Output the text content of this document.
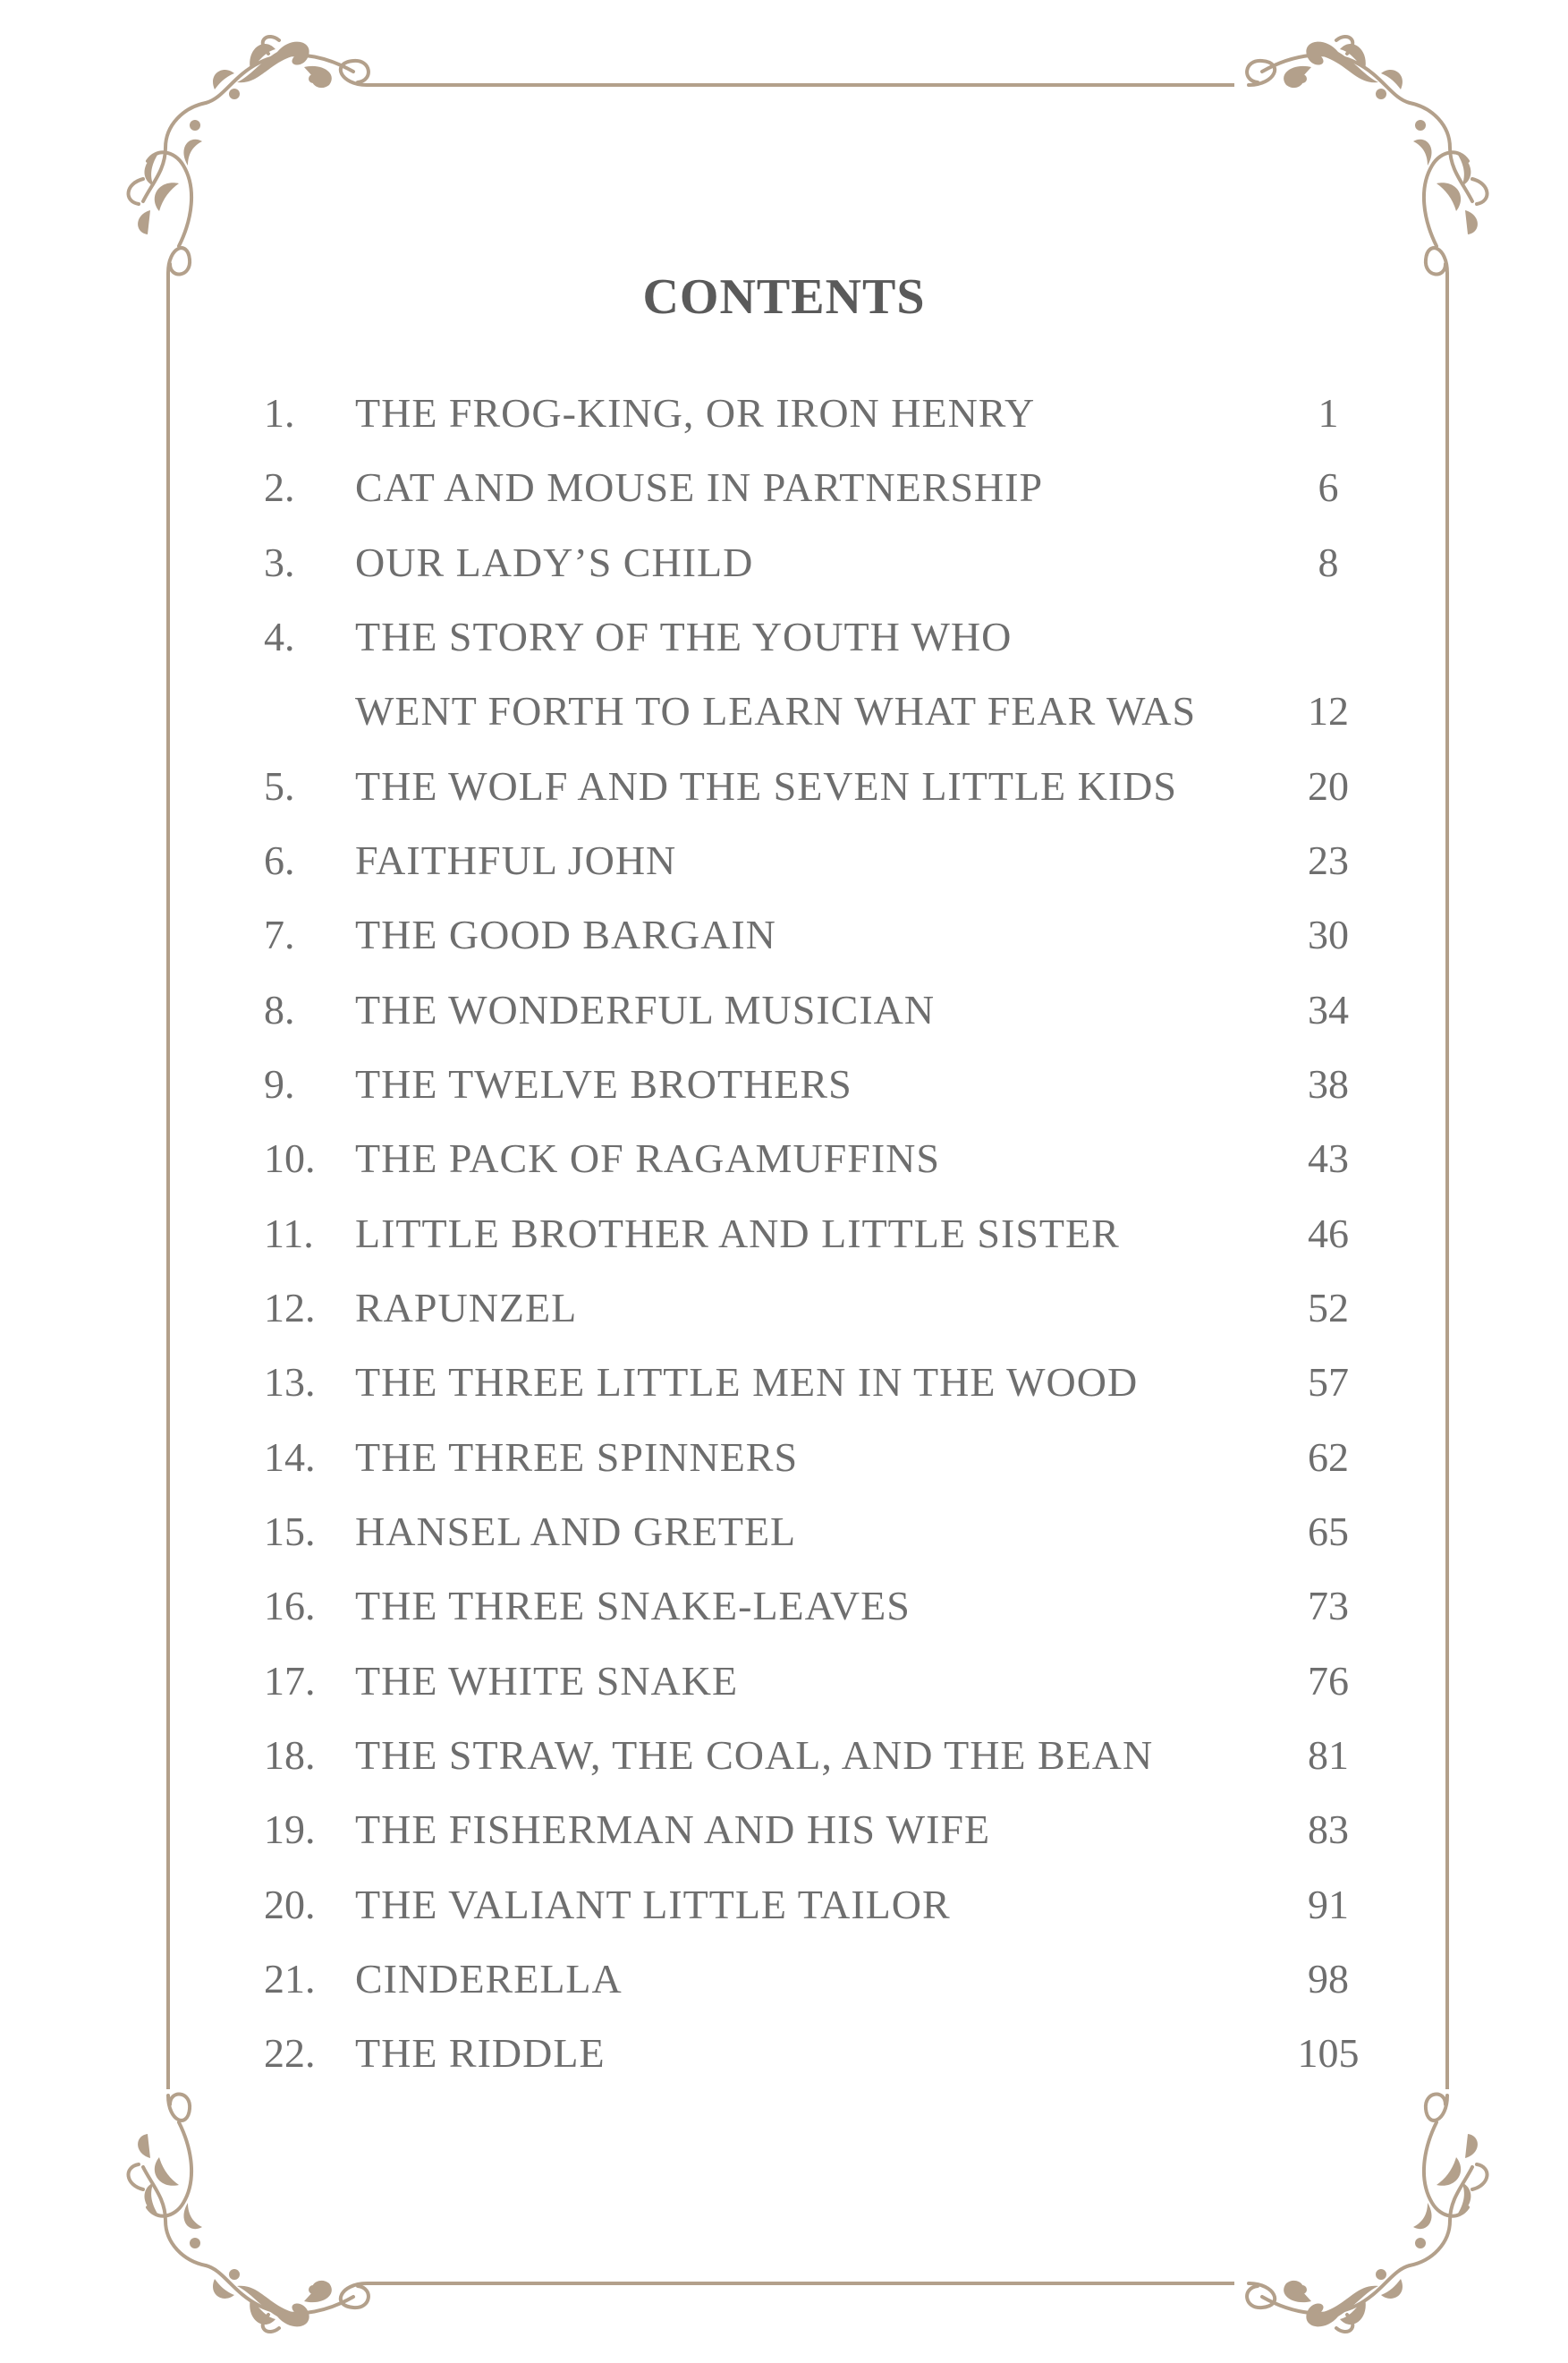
CONTENTS
1. THE FROG-KING, OR IRON HENRY	1
2. CAT AND MOUSE IN PARTNERSHIP	6
3. OUR LADY’S CHILD	8
4. THE STORY OF THE YOUTH WHO
WENT FORTH TO LEARN WHAT FEAR WAS	12
5. THE WOLF AND THE SEVEN LITTLE KIDS	20
6. FAITHFUL JOHN	23
7. THE GOOD BARGAIN	30
8. THE WONDERFUL MUSICIAN	34
9. THE TWELVE BROTHERS	38
10. THE PACK OF RAGAMUFFINS	43
11. LITTLE BROTHER AND LITTLE SISTER	46
12. RAPUNZEL	52
13. THE THREE LITTLE MEN IN THE WOOD	57
14. THE THREE SPINNERS	62
15. HANSEL AND GRETEL	65
16. THE THREE SNAKE-LEAVES	73
17. THE WHITE SNAKE	76
18. THE STRAW, THE COAL, AND THE BEAN	81
19. THE FISHERMAN AND HIS WIFE	83
20. THE VALIANT LITTLE TAILOR	91
21. CINDERELLA	98
22. THE RIDDLE	105
